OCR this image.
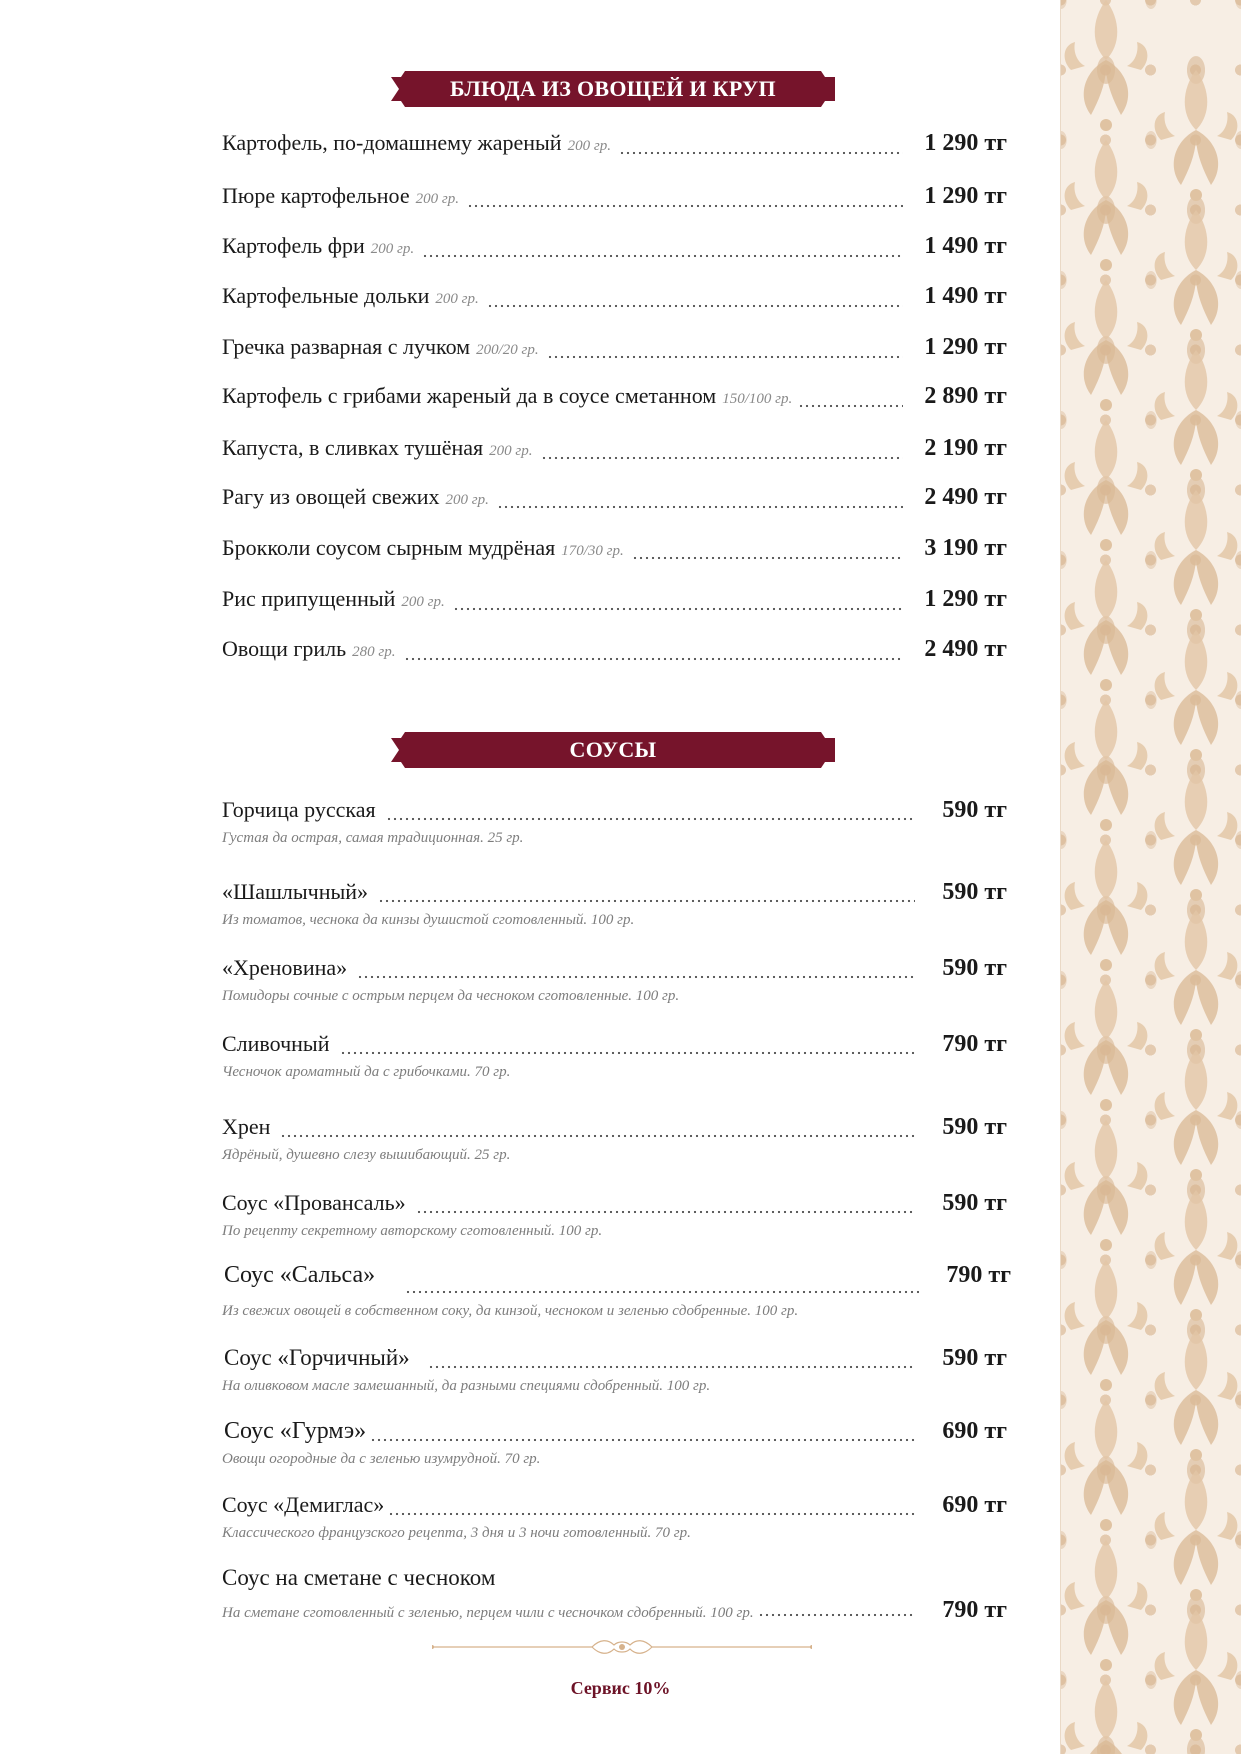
БЛЮДА ИЗ ОВОЩЕЙ И КРУП
Картофель, по-домашнему жареный 200 гр.	1 290 тг
Пюре картофельное 200 гр.	1 290 тг
Картофель фри 200 гр.	1 490 тг
Картофельные дольки 200 гр.	1 490 тг
Гречка разварная с лучком 200/20 гр.	1 290 тг
Картофель с грибами жареный да в соусе сметанном 150/100 гр.	2 890 тг
Капуста, в сливках тушёная 200 гр.	2 190 тг
Рагу из овощей свежих 200 гр.	2 490 тг
Брокколи соусом сырным мудрёная 170/30 гр.	3 190 тг
Рис припущенный 200 гр.	1 290 тг
Овощи гриль 280 гр.	2 490 тг
СОУСЫ
Горчица русская	590 тг
Густая да острая, самая традиционная. 25 гр.
«Шашлычный»	590 тг
Из томатов, чеснока да кинзы душистой сготовленный. 100 гр.
«Хреновина»	590 тг
Помидоры сочные с острым перцем да чесноком сготовленные. 100 гр.
Сливочный	790 тг
Чесночок ароматный да с грибочками. 70 гр.
Хрен	590 тг
Ядрёный, душевно слезу вышибающий. 25 гр.
Соус «Провансаль»	590 тг
По рецепту секретному авторскому сготовленный. 100 гр.
Соус «Сальса»	790 тг
Из свежих овощей в собственном соку, да кинзой, чесноком и зеленью сдобренные. 100 гр.
Соус «Горчичный»	590 тг
На оливковом масле замешанный, да разными специями сдобренный. 100 гр.
Соус «Гурмэ»	690 тг
Овощи огородные да с зеленью изумрудной. 70 гр.
Соус «Демиглас»	690 тг
Классического французского рецепта, 3 дня и 3 ночи готовленный. 70 гр.
Соус на сметане с чесноком
На сметане сготовленный с зеленью, перцем чили с чесночком сдобренный. 100 гр.	790 тг
Сервис 10%
